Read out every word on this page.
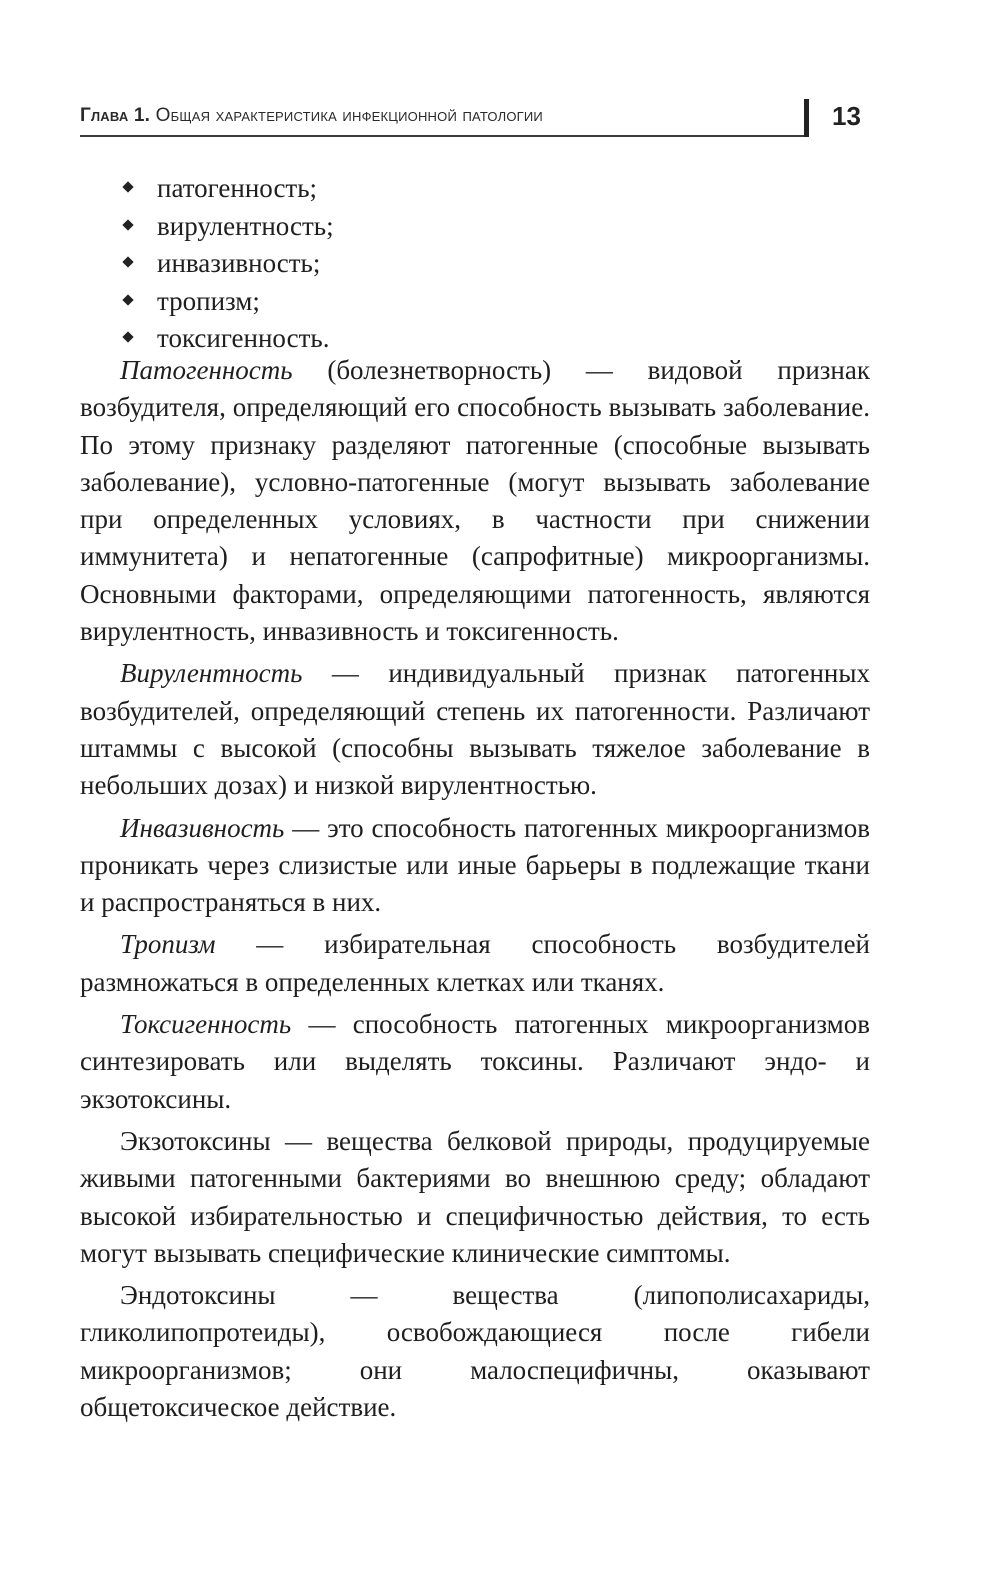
Глава 1. Общая характеристика инфекционной патологии	13
патогенность;
вирулентность;
инвазивность;
тропизм;
токсигенность.

Патогенность (болезнетворность) — видовой признак возбудителя, определяющий его способность вызывать заболевание. По этому признаку разделяют патогенные (способные вызывать заболевание), условно-патогенные (могут вызывать заболевание при определенных условиях, в частности при снижении иммунитета) и непатогенные (сапрофитные) микроорганизмы. Основными факторами, определяющими патогенность, являются вирулентность, инвазивность и токсигенность.

Вирулентность — индивидуальный признак патогенных возбудителей, определяющий степень их патогенности. Различают штаммы с высокой (способны вызывать тяжелое заболевание в небольших дозах) и низкой вирулентностью.

Инвазивность — это способность патогенных микроорганизмов проникать через слизистые или иные барьеры в подлежащие ткани и распространяться в них.

Тропизм — избирательная способность возбудителей размножаться в определенных клетках или тканях.

Токсигенность — способность патогенных микроорганизмов синтезировать или выделять токсины. Различают эндо- и экзотоксины.

Экзотоксины — вещества белковой природы, продуцируемые живыми патогенными бактериями во внешнюю среду; обладают высокой избирательностью и специфичностью действия, то есть могут вызывать специфические клинические симптомы.

Эндотоксины — вещества (липополисахариды, гликолипопротеиды), освобождающиеся после гибели микроорганизмов; они малоспецифичны, оказывают общетоксическое действие.
